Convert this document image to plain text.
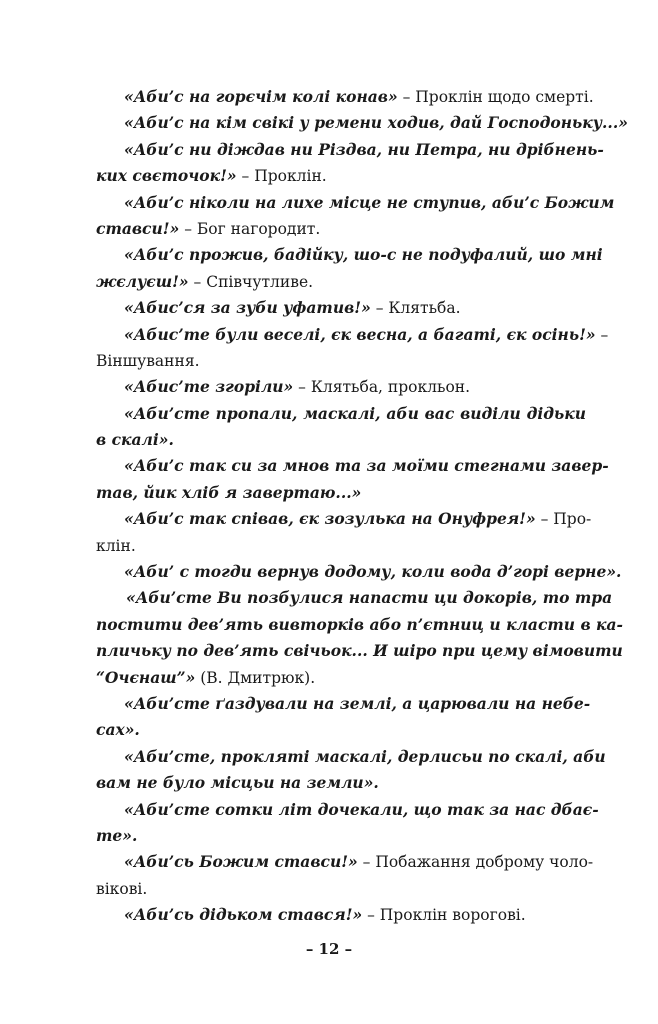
«Аби’с на горєчім колі конав» – Проклін щодо смерті.
«Аби’с на кім свікі у ремени ходив, дай Господоньку...»
«Аби’с ни діждав ни Різдва, ни Петра, ни дрібнень-
ких свєточок!» – Проклін.
«Аби’с ніколи на лихе місце не ступив, аби’с Божим
ставси!» – Бог нагородит.
«Аби’с прожив, бадійку, шо-с не подуфалий, шо мні
жєлуєш!» – Співчутливе.
«Абис’ся за зуби уфатив!» – Клятьба.
«Абис’те були веселі, єк весна, а багаті, єк осінь!» –
Віншування.
«Абис’те згоріли» – Клятьба, прокльон.
«Аби’сте пропали, маскалі, аби вас виділи дідьки
в скалі».
«Аби’с так си за мнов та за моїми стегнами завер-
тав, йик хліб я завертаю...»
«Аби’с так співав, єк зозулька на Онуфрея!» – Про-
клін.
«Аби’ с тогди вернув додому, коли вода д’горі верне».
«Аби’сте Ви позбулися напасти ци докорів, то тра
постити дев’ять вивторків або п’єтниц и класти в ка-
пличьку по дев’ять свічьок... И шіро при цему вімовити
“Очєнаш”» (В. Дмитрюк).
«Аби’сте ґаздували на землі, а царювали на небе-
сах».
«Аби’сте, прокляті маскалі, дерлисьи по скалі, аби
вам не було місцьи на земли».
«Аби’сте сотки літ дочекали, що так за нас дбає-
те».
«Аби’сь Божим ставси!» – Побажання доброму чоло-
вікові.
«Аби’сь дідьком стався!» – Проклін ворогові.
– 12 –
